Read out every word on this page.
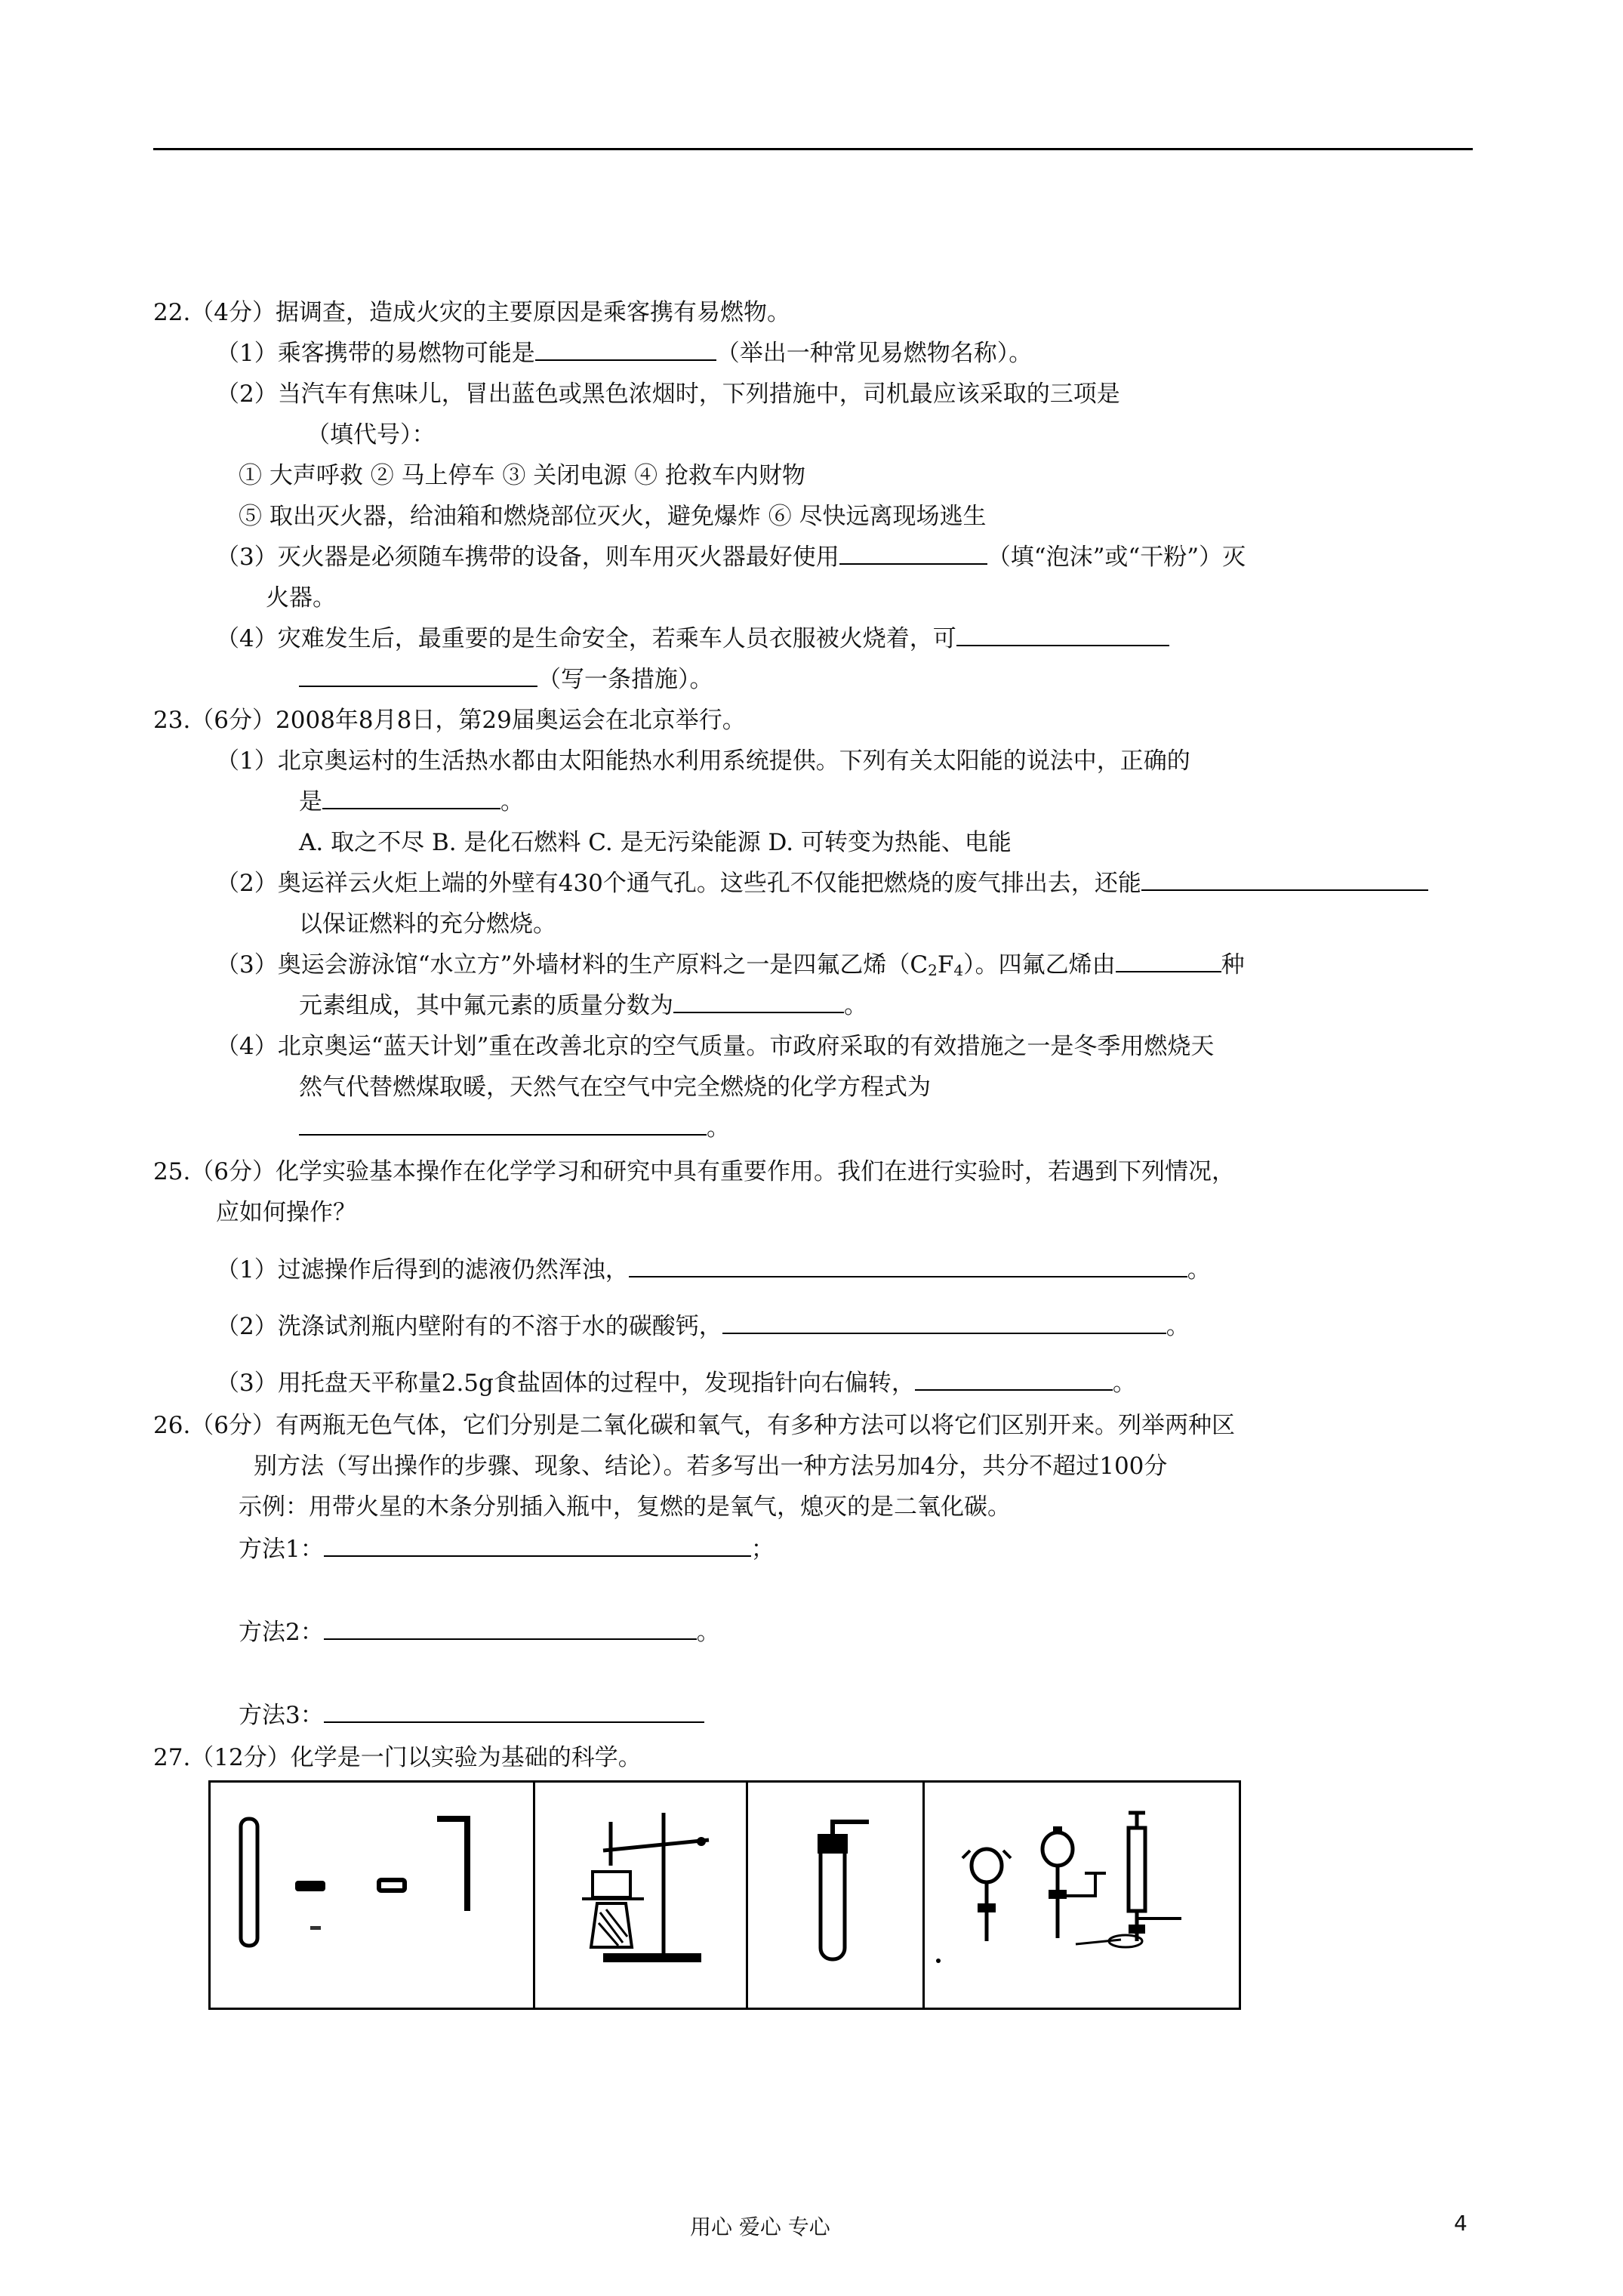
22.（4分）据调查，造成火灾的主要原因是乘客携有易燃物。
（1）乘客携带的易燃物可能是	（举出一种常见易燃物名称）。
（2）当汽车有焦味儿，冒出蓝色或黑色浓烟时，下列措施中，司机最应该采取的三项是
（填代号）：
① 大声呼救 ② 马上停车 ③ 关闭电源 ④ 抢救车内财物
⑤ 取出灭火器，给油箱和燃烧部位灭火，避免爆炸 ⑥ 尽快远离现场逃生
（3）灭火器是必须随车携带的设备，则车用灭火器最好使用	（填“泡沫”或“干粉”）灭
火器。
（4）灾难发生后，最重要的是生命安全，若乘车人员衣服被火烧着，可
（写一条措施）。
23.（6分）2008年8月8日，第29届奥运会在北京举行。
（1）北京奥运村的生活热水都由太阳能热水利用系统提供。下列有关太阳能的说法中，正确的
是	。
A. 取之不尽 B. 是化石燃料 C. 是无污染能源 D. 可转变为热能、电能
（2）奥运祥云火炬上端的外壁有430个通气孔。这些孔不仅能把燃烧的废气排出去，还能
以保证燃料的充分燃烧。
（3）奥运会游泳馆“水立方”外墙材料的生产原料之一是四氟乙烯$(C_2F_4)$。四氟乙烯由	种
元素组成，其中氟元素的质量分数为	。
（4）北京奥运“蓝天计划”重在改善北京的空气质量。市政府采取的有效措施之一是冬季用燃烧天
然气代替燃煤取暖，天然气在空气中完全燃烧的化学方程式为
。
25.（6分）化学实验基本操作在化学学习和研究中具有重要作用。我们在进行实验时，若遇到下列情况，
应如何操作？
（1）过滤操作后得到的滤液仍然浑浊，	。
（2）洗涤试剂瓶内壁附有的不溶于水的碳酸钙，	。
（3）用托盘天平称量2.5g食盐固体的过程中，发现指针向右偏转，	。
26.（6分）有两瓶无色气体，它们分别是二氧化碳和氧气，有多种方法可以将它们区别开来。列举两种区
别方法（写出操作的步骤、现象、结论）。若多写出一种方法另加4分，共分不超过100分
示例：用带火星的木条分别插入瓶中，复燃的是氧气，熄灭的是二氧化碳。
方法1：	；
方法2：	。
方法3：
27.（12分）化学是一门以实验为基础的科学。
用心 爱心 专心	4
